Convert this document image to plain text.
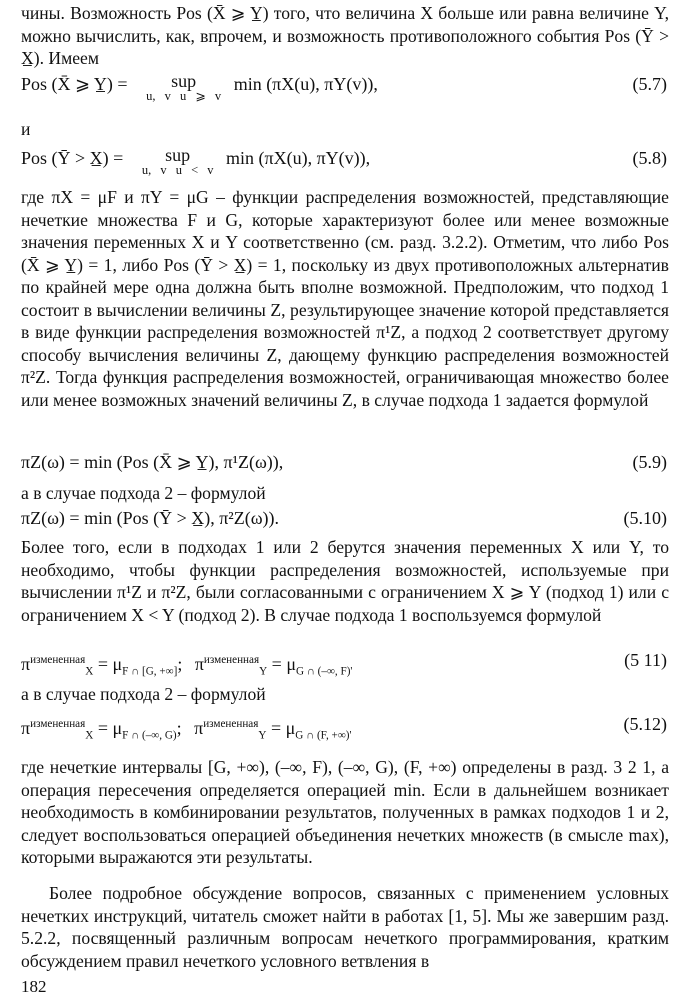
чины. Возможность Pos (X̄ ⩾ Y̲) того, что величина X больше или равна величине Y, можно вычислить, как, впрочем, и возможность противоположного события Pos (Ȳ > X̲). Имеем
Pos (X̄ ⩾ Y̲) =	sup
u, v u ⩾ v
min (πX(u), πY(v)),	(5.7)
и
Pos (Ȳ > X̲) =	sup
u, v u < v
min (πX(u), πY(v)),	(5.8)
где πX = μF и πY = μG – функции распределения возможностей, представляющие нечеткие множества F и G, которые характеризуют более или менее возможные значения переменных X и Y соответственно (см. разд. 3.2.2). Отметим, что либо Pos (X̄ ⩾ Y̲) = 1, либо Pos (Ȳ > X̲) = 1, поскольку из двух противоположных альтернатив по крайней мере одна должна быть вполне возможной. Предположим, что подход 1 состоит в вычислении величины Z, результирующее значение которой представляется в виде функции распределения возможностей π¹Z, а подход 2 соответствует другому способу вычисления величины Z, дающему функцию распределения возможностей π²Z. Тогда функция распределения возможностей, ограничивающая множество более или менее возможных значений величины Z, в случае подхода 1 задается формулой
πZ(ω) = min (Pos (X̄ ⩾ Y̲), π¹Z(ω)),	(5.9)
а в случае подхода 2 – формулой
πZ(ω) = min (Pos (Ȳ > X̲), π²Z(ω)).	(5.10)
Более того, если в подходах 1 или 2 берутся значения переменных X или Y, то необходимо, чтобы функции распределения возможностей, используемые при вычислении π¹Z и π²Z, были согласованными с ограничением X ⩾ Y (подход 1) или с ограничением X < Y (подход 2). В случае подхода 1 воспользуемся формулой
$\pi^{измененная}_X = \mu_{F \cap [G, +\infty]}$; $\pi^{измененная}_Y = \mu_{G \cap (-\infty, F)'}$
(5 11)
а в случае подхода 2 – формулой
$\pi^{измененная}_X = \mu_{F \cap (-\infty, G)}$; $\pi^{измененная}_Y = \mu_{G \cap (F, +\infty)'}$
(5.12)
где нечеткие интервалы [G, +∞), (–∞, F), (–∞, G), (F, +∞) определены в разд. 3 2 1, а операция пересечения определяется операцией min. Если в дальнейшем возникает необходимость в комбинировании результатов, полученных в рамках подходов 1 и 2, следует воспользоваться операцией объединения нечетких множеств (в смысле max), которыми выражаются эти результаты.
Более подробное обсуждение вопросов, связанных с применением условных нечетких инструкций, читатель сможет найти в работах [1, 5]. Мы же завершим разд. 5.2.2, посвященный различным вопросам нечеткого программирования, кратким обсуждением правил нечеткого условного ветвления в
182
